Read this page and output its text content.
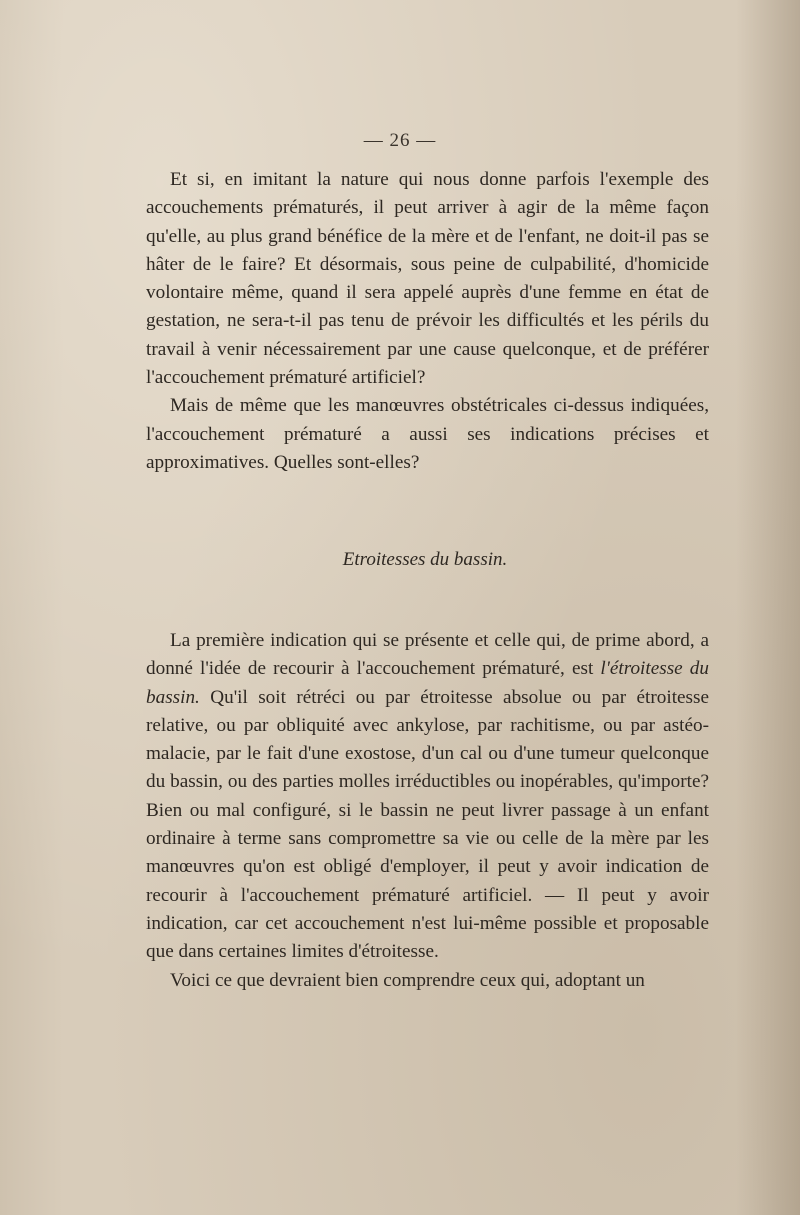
— 26 —

Et si, en imitant la nature qui nous donne parfois l'exemple des accouchements prématurés, il peut arriver à agir de la même façon qu'elle, au plus grand bénéfice de la mère et de l'enfant, ne doit-il pas se hâter de le faire? Et désormais, sous peine de culpabilité, d'homicide volontaire même, quand il sera appelé auprès d'une femme en état de gestation, ne sera-t-il pas tenu de prévoir les difficultés et les périls du travail à venir nécessairement par une cause quelconque, et de préférer l'accouchement prématuré artificiel?

Mais de même que les manœuvres obstétricales ci-dessus indiquées, l'accouchement prématuré a aussi ses indications précises et approximatives. Quelles sont-elles?

Etroitesses du bassin.

La première indication qui se présente et celle qui, de prime abord, a donné l'idée de recourir à l'accouchement prématuré, est l'étroitesse du bassin. Qu'il soit rétréci ou par étroitesse absolue ou par étroitesse relative, ou par obliquité avec ankylose, par rachitisme, ou par astéo-malacie, par le fait d'une exostose, d'un cal ou d'une tumeur quelconque du bassin, ou des parties molles irréductibles ou inopérables, qu'importe? Bien ou mal configuré, si le bassin ne peut livrer passage à un enfant ordinaire à terme sans compromettre sa vie ou celle de la mère par les manœuvres qu'on est obligé d'employer, il peut y avoir indication de recourir à l'accouchement prématuré artificiel. — Il peut y avoir indication, car cet accouchement n'est lui-même possible et proposable que dans certaines limites d'étroitesse.

Voici ce que devraient bien comprendre ceux qui, adoptant un
